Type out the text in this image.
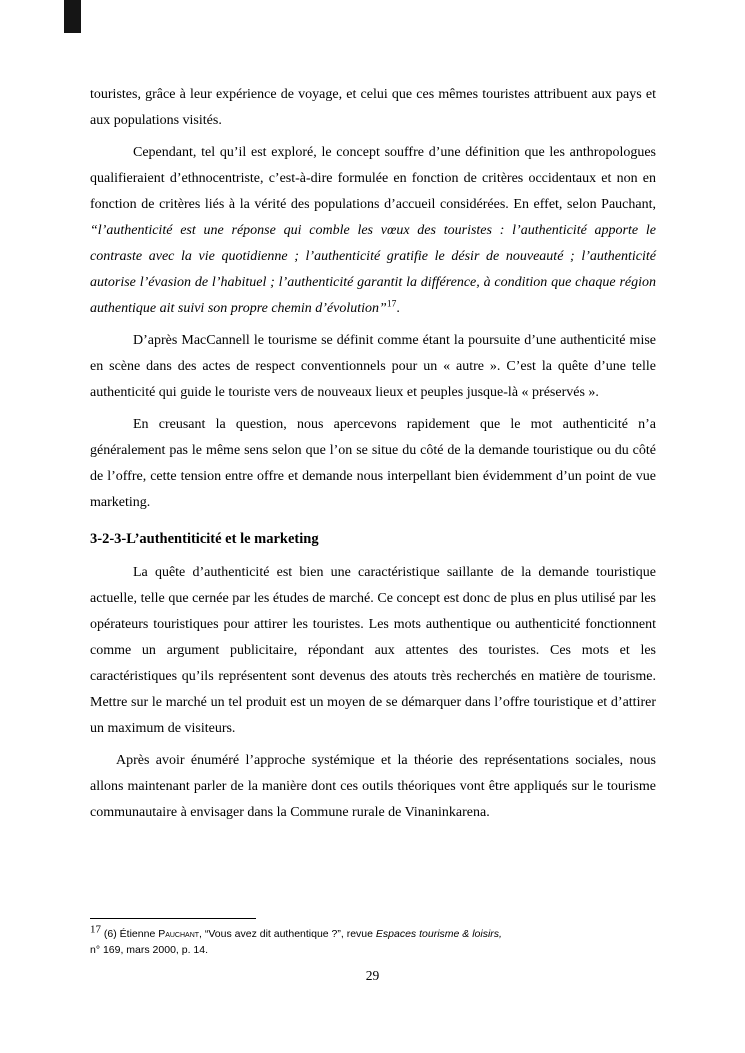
touristes, grâce à leur expérience de voyage, et celui que ces mêmes touristes attribuent aux pays et aux populations visités.

Cependant, tel qu’il est exploré, le concept souffre d’une définition que les anthropologues qualifieraient d’ethnocentriste, c’est-à-dire formulée en fonction de critères occidentaux et non en fonction de critères liés à la vérité des populations d’accueil considérées. En effet, selon Pauchant, “l’authenticité est une réponse qui comble les vœux des touristes : l’authenticité apporte le contraste avec la vie quotidienne ; l’authenticité gratifie le désir de nouveauté ; l’authenticité autorise l’évasion de l’habituel ; l’authenticité garantit la différence, à condition que chaque région authentique ait suivi son propre chemin d’évolution”$^{17}$.

D’après MacCannell le tourisme se définit comme étant la poursuite d’une authenticité mise en scène dans des actes de respect conventionnels pour un « autre ». C’est la quête d’une telle authenticité qui guide le touriste vers de nouveaux lieux et peuples jusque-là « préservés ».

En creusant la question, nous apercevons rapidement que le mot authenticité n’a généralement pas le même sens selon que l’on se situe du côté de la demande touristique ou du côté de l’offre, cette tension entre offre et demande nous interpellant bien évidemment d’un point de vue marketing.

3-2-3-L’authentiticité et le marketing

La quête d’authenticité est bien une caractéristique saillante de la demande touristique actuelle, telle que cernée par les études de marché. Ce concept est donc de plus en plus utilisé par les opérateurs touristiques pour attirer les touristes. Les mots authentique ou authenticité fonctionnent comme un argument publicitaire, répondant aux attentes des touristes. Ces mots et les caractéristiques qu’ils représentent sont devenus des atouts très recherchés en matière de tourisme. Mettre sur le marché un tel produit est un moyen de se démarquer dans l’offre touristique et d’attirer un maximum de visiteurs.

Après avoir énuméré l’approche systémique et la théorie des représentations sociales, nous allons maintenant parler de la manière dont ces outils théoriques vont être appliqués sur le tourisme communautaire à envisager dans la Commune rurale de Vinaninkarena.

$^{17}$ (6) Étienne Pauchant, “Vous avez dit authentique ?”, revue Espaces tourisme & loisirs,
n° 169, mars 2000, p. 14.

29
